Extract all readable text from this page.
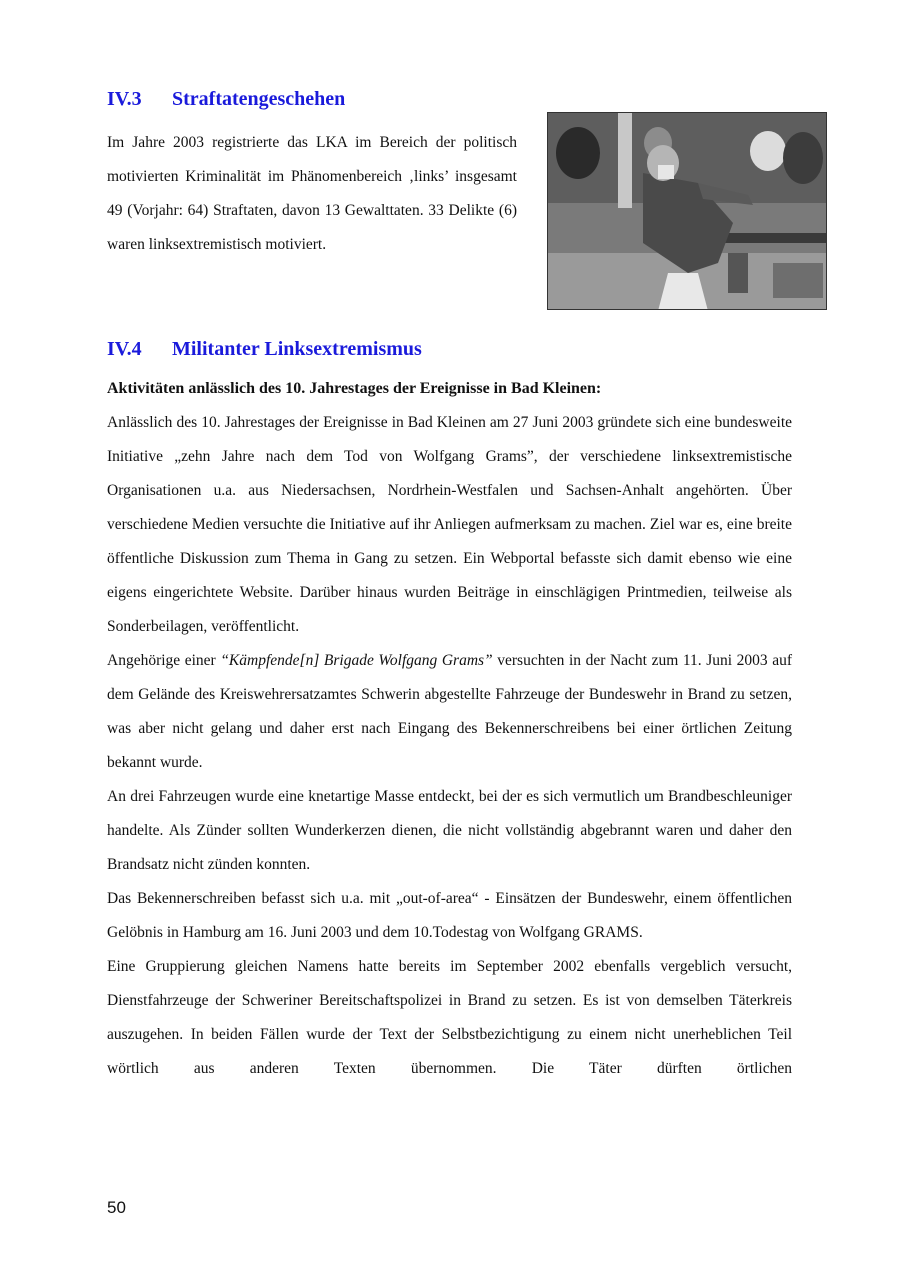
IV.3 Straftatengeschehen

Im Jahre 2003 registrierte das LKA im Bereich der politisch motivierten Kriminalität im Phänomenbereich ‚links’ insgesamt 49 (Vorjahr: 64) Straftaten, davon 13 Gewalttaten. 33 Delikte (6) waren linksextremistisch motiviert.

IV.4 Militanter Linksextremismus
Aktivitäten anlässlich des 10. Jahrestages der Ereignisse in Bad Kleinen:

Anlässlich des 10. Jahrestages der Ereignisse in Bad Kleinen am 27 Juni 2003 gründete sich eine bundesweite Initiative „zehn Jahre nach dem Tod von Wolfgang Grams”, der verschiedene linksextremistische Organisationen u.a. aus Niedersachsen, Nordrhein-Westfalen und Sachsen-Anhalt angehörten. Über verschiedene Medien versuchte die Initiative auf ihr Anliegen aufmerksam zu machen. Ziel war es, eine breite öffentliche Diskussion zum Thema in Gang zu setzen. Ein Webportal befasste sich damit ebenso wie eine eigens eingerichtete Website. Darüber hinaus wurden Beiträge in einschlägigen Printmedien, teilweise als Sonderbeilagen, veröffentlicht.

Angehörige einer “Kämpfende[n] Brigade Wolfgang Grams” versuchten in der Nacht zum 11. Juni 2003 auf dem Gelände des Kreiswehrersatzamtes Schwerin abgestellte Fahrzeuge der Bundeswehr in Brand zu setzen, was aber nicht gelang und daher erst nach Eingang des Bekennerschreibens bei einer örtlichen Zeitung bekannt wurde.

An drei Fahrzeugen wurde eine knetartige Masse entdeckt, bei der es sich vermutlich um Brandbeschleuniger handelte. Als Zünder sollten Wunderkerzen dienen, die nicht vollständig abgebrannt waren und daher den Brandsatz nicht zünden konnten.

Das Bekennerschreiben befasst sich u.a. mit „out-of-area“ - Einsätzen der Bundeswehr, einem öffentlichen Gelöbnis in Hamburg am 16. Juni 2003 und dem 10.Todestag von Wolfgang GRAMS.

Eine Gruppierung gleichen Namens hatte bereits im September 2002 ebenfalls vergeblich versucht, Dienstfahrzeuge der Schweriner Bereitschaftspolizei in Brand zu setzen. Es ist von demselben Täterkreis auszugehen. In beiden Fällen wurde der Text der Selbstbezichtigung zu einem nicht unerheblichen Teil wörtlich aus anderen Texten übernommen. Die Täter dürften örtlichen

50
